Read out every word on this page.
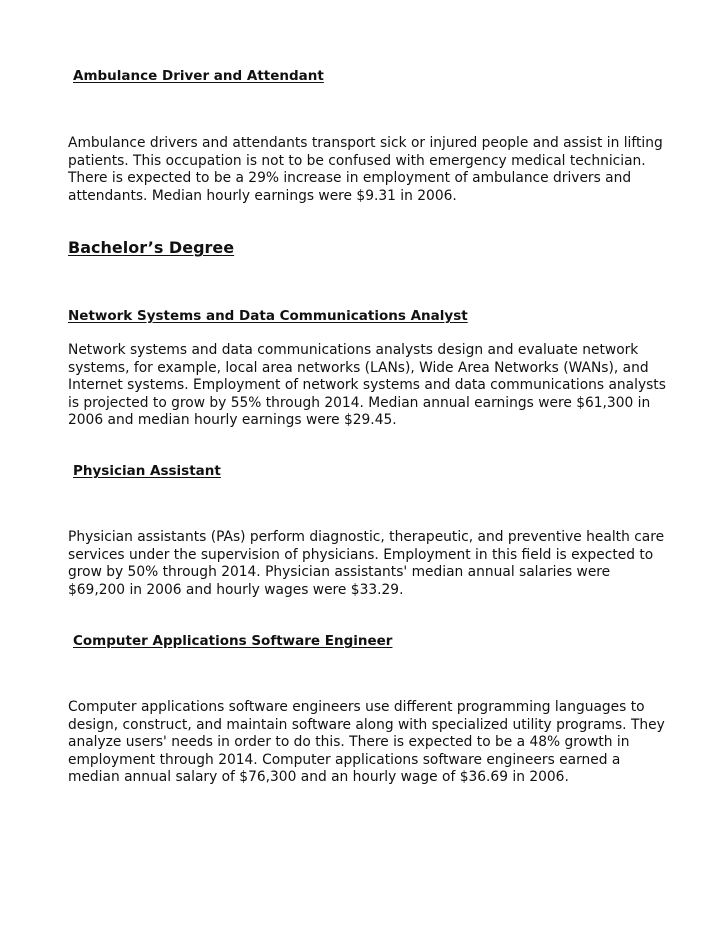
Ambulance Driver and Attendant

Ambulance drivers and attendants transport sick or injured people and assist in lifting patients. This occupation is not to be confused with emergency medical technician. There is expected to be a 29% increase in employment of ambulance drivers and attendants. Median hourly earnings were $9.31 in 2006.

Bachelor’s Degree
Network Systems and Data Communications Analyst

Network systems and data communications analysts design and evaluate network systems, for example, local area networks (LANs), Wide Area Networks (WANs), and Internet systems. Employment of network systems and data communications analysts is projected to grow by 55% through 2014. Median annual earnings were $61,300 in 2006 and median hourly earnings were $29.45.

Physician Assistant

Physician assistants (PAs) perform diagnostic, therapeutic, and preventive health care services under the supervision of physicians. Employment in this field is expected to grow by 50% through 2014. Physician assistants' median annual salaries were $69,200 in 2006 and hourly wages were $33.29.

Computer Applications Software Engineer

Computer applications software engineers use different programming languages to design, construct, and maintain software along with specialized utility programs. They analyze users' needs in order to do this. There is expected to be a 48% growth in employment through 2014. Computer applications software engineers earned a median annual salary of $76,300 and an hourly wage of $36.69 in 2006.
